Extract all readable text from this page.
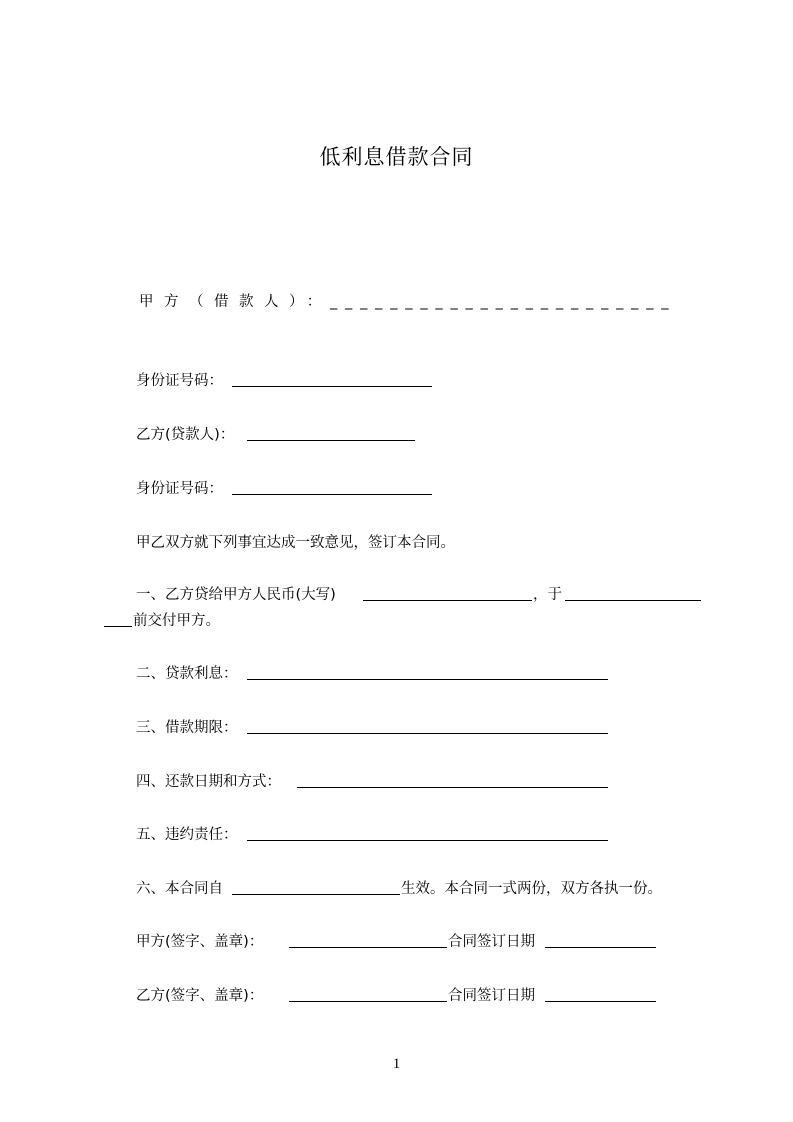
低利息借款合同
甲方（借款人）：
_ _ _ _ _ _ _ _ _ _ _ _ _ _ _ _ _ _ _ _ _ _ _
身份证号码：
乙方(贷款人)：
身份证号码：
甲乙双方就下列事宜达成一致意见，签订本合同。
一、乙方贷给甲方人民币(大写)	，于
前交付甲方。
二、贷款利息：
三、借款期限：
四、还款日期和方式：
五、违约责任：
六、本合同自	生效。本合同一式两份，双方各执一份。
甲方(签字、盖章)：	合同签订日期
乙方(签字、盖章)：	合同签订日期
1
